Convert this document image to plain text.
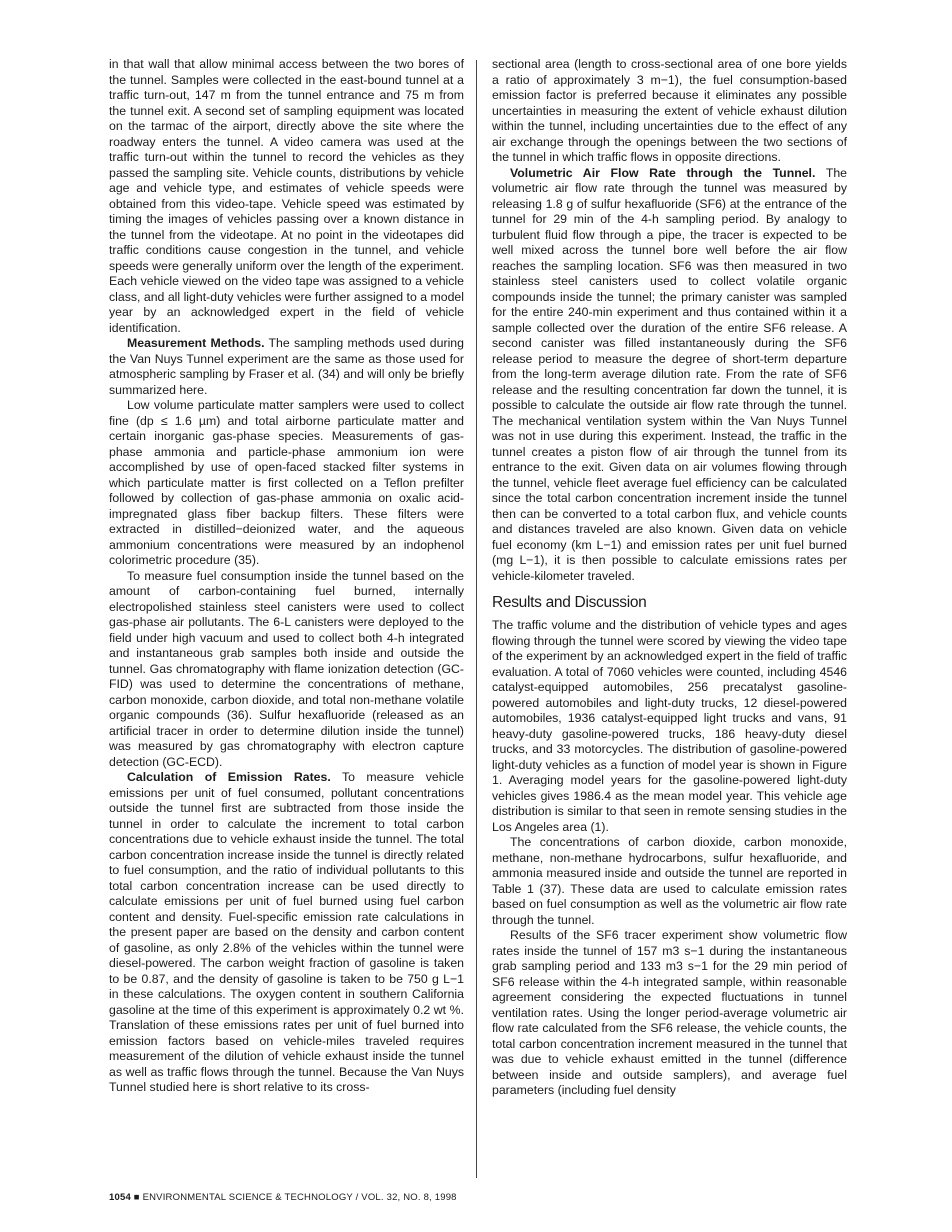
in that wall that allow minimal access between the two bores of the tunnel. Samples were collected in the east-bound tunnel at a traffic turn-out, 147 m from the tunnel entrance and 75 m from the tunnel exit. A second set of sampling equipment was located on the tarmac of the airport, directly above the site where the roadway enters the tunnel. A video camera was used at the traffic turn-out within the tunnel to record the vehicles as they passed the sampling site. Vehicle counts, distributions by vehicle age and vehicle type, and estimates of vehicle speeds were obtained from this video-tape. Vehicle speed was estimated by timing the images of vehicles passing over a known distance in the tunnel from the videotape. At no point in the videotapes did traffic conditions cause congestion in the tunnel, and vehicle speeds were generally uniform over the length of the experiment. Each vehicle viewed on the video tape was assigned to a vehicle class, and all light-duty vehicles were further assigned to a model year by an acknowledged expert in the field of vehicle identification.

Measurement Methods. The sampling methods used during the Van Nuys Tunnel experiment are the same as those used for atmospheric sampling by Fraser et al. (34) and will only be briefly summarized here.

Low volume particulate matter samplers were used to collect fine (dp ≤ 1.6 µm) and total airborne particulate matter and certain inorganic gas-phase species. Measurements of gas-phase ammonia and particle-phase ammonium ion were accomplished by use of open-faced stacked filter systems in which particulate matter is first collected on a Teflon prefilter followed by collection of gas-phase ammonia on oxalic acid-impregnated glass fiber backup filters. These filters were extracted in distilled−deionized water, and the aqueous ammonium concentrations were measured by an indophenol colorimetric procedure (35).

To measure fuel consumption inside the tunnel based on the amount of carbon-containing fuel burned, internally electropolished stainless steel canisters were used to collect gas-phase air pollutants. The 6-L canisters were deployed to the field under high vacuum and used to collect both 4-h integrated and instantaneous grab samples both inside and outside the tunnel. Gas chromatography with flame ionization detection (GC-FID) was used to determine the concentrations of methane, carbon monoxide, carbon dioxide, and total non-methane volatile organic compounds (36). Sulfur hexafluoride (released as an artificial tracer in order to determine dilution inside the tunnel) was measured by gas chromatography with electron capture detection (GC-ECD).

Calculation of Emission Rates. To measure vehicle emissions per unit of fuel consumed, pollutant concentrations outside the tunnel first are subtracted from those inside the tunnel in order to calculate the increment to total carbon concentrations due to vehicle exhaust inside the tunnel. The total carbon concentration increase inside the tunnel is directly related to fuel consumption, and the ratio of individual pollutants to this total carbon concentration increase can be used directly to calculate emissions per unit of fuel burned using fuel carbon content and density. Fuel-specific emission rate calculations in the present paper are based on the density and carbon content of gasoline, as only 2.8% of the vehicles within the tunnel were diesel-powered. The carbon weight fraction of gasoline is taken to be 0.87, and the density of gasoline is taken to be 750 g L−1 in these calculations. The oxygen content in southern California gasoline at the time of this experiment is approximately 0.2 wt %. Translation of these emissions rates per unit of fuel burned into emission factors based on vehicle-miles traveled requires measurement of the dilution of vehicle exhaust inside the tunnel as well as traffic flows through the tunnel. Because the Van Nuys Tunnel studied here is short relative to its cross-

sectional area (length to cross-sectional area of one bore yields a ratio of approximately 3 m−1), the fuel consumption-based emission factor is preferred because it eliminates any possible uncertainties in measuring the extent of vehicle exhaust dilution within the tunnel, including uncertainties due to the effect of any air exchange through the openings between the two sections of the tunnel in which traffic flows in opposite directions.

Volumetric Air Flow Rate through the Tunnel. The volumetric air flow rate through the tunnel was measured by releasing 1.8 g of sulfur hexafluoride (SF6) at the entrance of the tunnel for 29 min of the 4-h sampling period. By analogy to turbulent fluid flow through a pipe, the tracer is expected to be well mixed across the tunnel bore well before the air flow reaches the sampling location. SF6 was then measured in two stainless steel canisters used to collect volatile organic compounds inside the tunnel; the primary canister was sampled for the entire 240-min experiment and thus contained within it a sample collected over the duration of the entire SF6 release. A second canister was filled instantaneously during the SF6 release period to measure the degree of short-term departure from the long-term average dilution rate. From the rate of SF6 release and the resulting concentration far down the tunnel, it is possible to calculate the outside air flow rate through the tunnel. The mechanical ventilation system within the Van Nuys Tunnel was not in use during this experiment. Instead, the traffic in the tunnel creates a piston flow of air through the tunnel from its entrance to the exit. Given data on air volumes flowing through the tunnel, vehicle fleet average fuel efficiency can be calculated since the total carbon concentration increment inside the tunnel then can be converted to a total carbon flux, and vehicle counts and distances traveled are also known. Given data on vehicle fuel economy (km L−1) and emission rates per unit fuel burned (mg L−1), it is then possible to calculate emissions rates per vehicle-kilometer traveled.

Results and Discussion

The traffic volume and the distribution of vehicle types and ages flowing through the tunnel were scored by viewing the video tape of the experiment by an acknowledged expert in the field of traffic evaluation. A total of 7060 vehicles were counted, including 4546 catalyst-equipped automobiles, 256 precatalyst gasoline-powered automobiles and light-duty trucks, 12 diesel-powered automobiles, 1936 catalyst-equipped light trucks and vans, 91 heavy-duty gasoline-powered trucks, 186 heavy-duty diesel trucks, and 33 motorcycles. The distribution of gasoline-powered light-duty vehicles as a function of model year is shown in Figure 1. Averaging model years for the gasoline-powered light-duty vehicles gives 1986.4 as the mean model year. This vehicle age distribution is similar to that seen in remote sensing studies in the Los Angeles area (1).

The concentrations of carbon dioxide, carbon monoxide, methane, non-methane hydrocarbons, sulfur hexafluoride, and ammonia measured inside and outside the tunnel are reported in Table 1 (37). These data are used to calculate emission rates based on fuel consumption as well as the volumetric air flow rate through the tunnel.

Results of the SF6 tracer experiment show volumetric flow rates inside the tunnel of 157 m3 s−1 during the instantaneous grab sampling period and 133 m3 s−1 for the 29 min period of SF6 release within the 4-h integrated sample, within reasonable agreement considering the expected fluctuations in tunnel ventilation rates. Using the longer period-average volumetric air flow rate calculated from the SF6 release, the vehicle counts, the total carbon concentration increment measured in the tunnel that was due to vehicle exhaust emitted in the tunnel (difference between inside and outside samplers), and average fuel parameters (including fuel density

1054 ■ ENVIRONMENTAL SCIENCE & TECHNOLOGY / VOL. 32, NO. 8, 1998
